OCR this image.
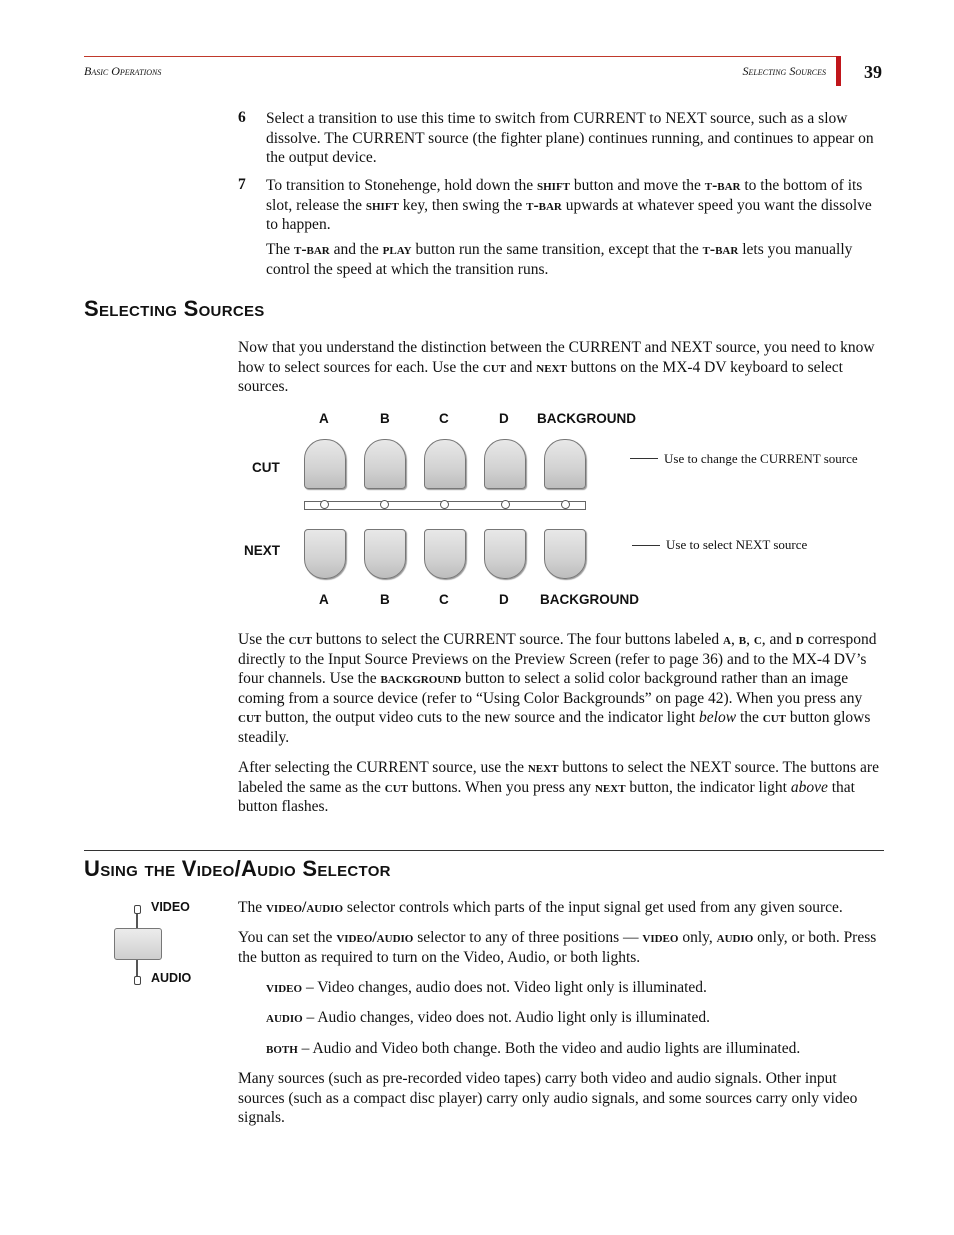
Basic Operations	Selecting Sources 39
6 Select a transition to use this time to switch from CURRENT to NEXT source, such as a slow dissolve. The CURRENT source (the fighter plane) continues running, and continues to appear on the output device.

7 To transition to Stonehenge, hold down the shift button and move the t-bar to the bottom of its slot, release the shift key, then swing the t-bar upwards at whatever speed you want the dissolve to happen.

The t-bar and the play button run the same transition, except that the t-bar lets you manually control the speed at which the transition runs.

Selecting Sources

Now that you understand the distinction between the CURRENT and NEXT source, you need to know how to select sources for each. Use the cut and next buttons on the MX-4 DV keyboard to select sources.

A	B	C	D BACKGROUND
CUT
NEXT
A	B	C	D BACKGROUND
Use to change the CURRENT source
Use to select NEXT source

Use the cut buttons to select the CURRENT source. The four buttons labeled a, b, c, and d correspond directly to the Input Source Previews on the Preview Screen (refer to page 36) and to the MX-4 DV’s four channels. Use the background button to select a solid color background rather than an image coming from a source device (refer to “Using Color Backgrounds” on page 42). When you press any cut button, the output video cuts to the new source and the indicator light below the cut button glows steadily.

After selecting the CURRENT source, use the next buttons to select the NEXT source. The buttons are labeled the same as the cut buttons. When you press any next button, the indicator light above that button flashes.

Using the Video/Audio Selector
VIDEO
AUDIO

The video/audio selector controls which parts of the input signal get used from any given source.

You can set the video/audio selector to any of three positions — video only, audio only, or both. Press the button as required to turn on the Video, Audio, or both lights.

video – Video changes, audio does not. Video light only is illuminated.

audio – Audio changes, video does not. Audio light only is illuminated.

both – Audio and Video both change. Both the video and audio lights are illuminated.

Many sources (such as pre-recorded video tapes) carry both video and audio signals. Other input sources (such as a compact disc player) carry only audio signals, and some sources carry only video signals.
